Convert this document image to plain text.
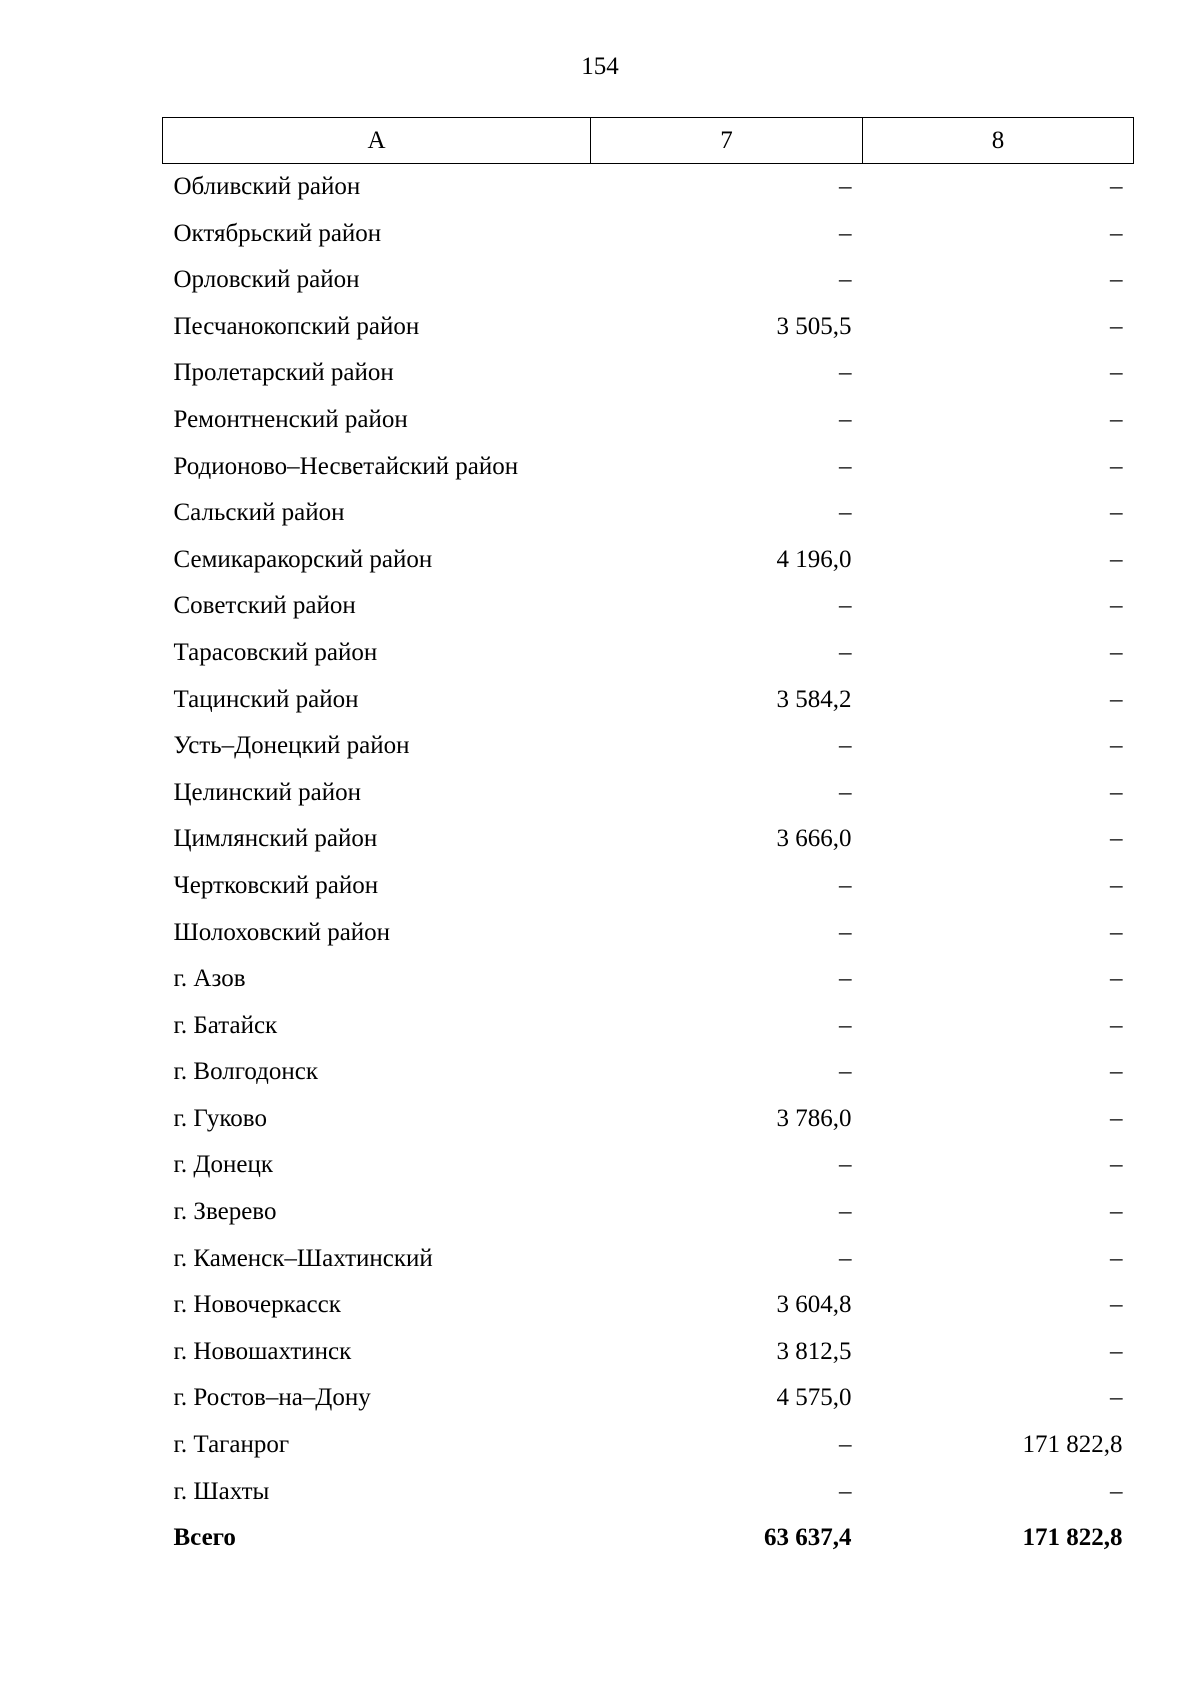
154
А	7	8
Обливский район	–	–
Октябрьский район	–	–
Орловский район	–	–
Песчанокопский район	3 505,5	–
Пролетарский район	–	–
Ремонтненский район	–	–
Родионово–Несветайский район	–	–
Сальский район	–	–
Семикаракорский район	4 196,0	–
Советский район	–	–
Тарасовский район	–	–
Тацинский район	3 584,2	–
Усть–Донецкий район	–	–
Целинский район	–	–
Цимлянский район	3 666,0	–
Чертковский район	–	–
Шолоховский район	–	–
г. Азов	–	–
г. Батайск	–	–
г. Волгодонск	–	–
г. Гуково	3 786,0	–
г. Донецк	–	–
г. Зверево	–	–
г. Каменск–Шахтинский	–	–
г. Новочеркасск	3 604,8	–
г. Новошахтинск	3 812,5	–
г. Ростов–на–Дону	4 575,0	–
г. Таганрог	–	171 822,8
г. Шахты	–	–
Всего	63 637,4	171 822,8
